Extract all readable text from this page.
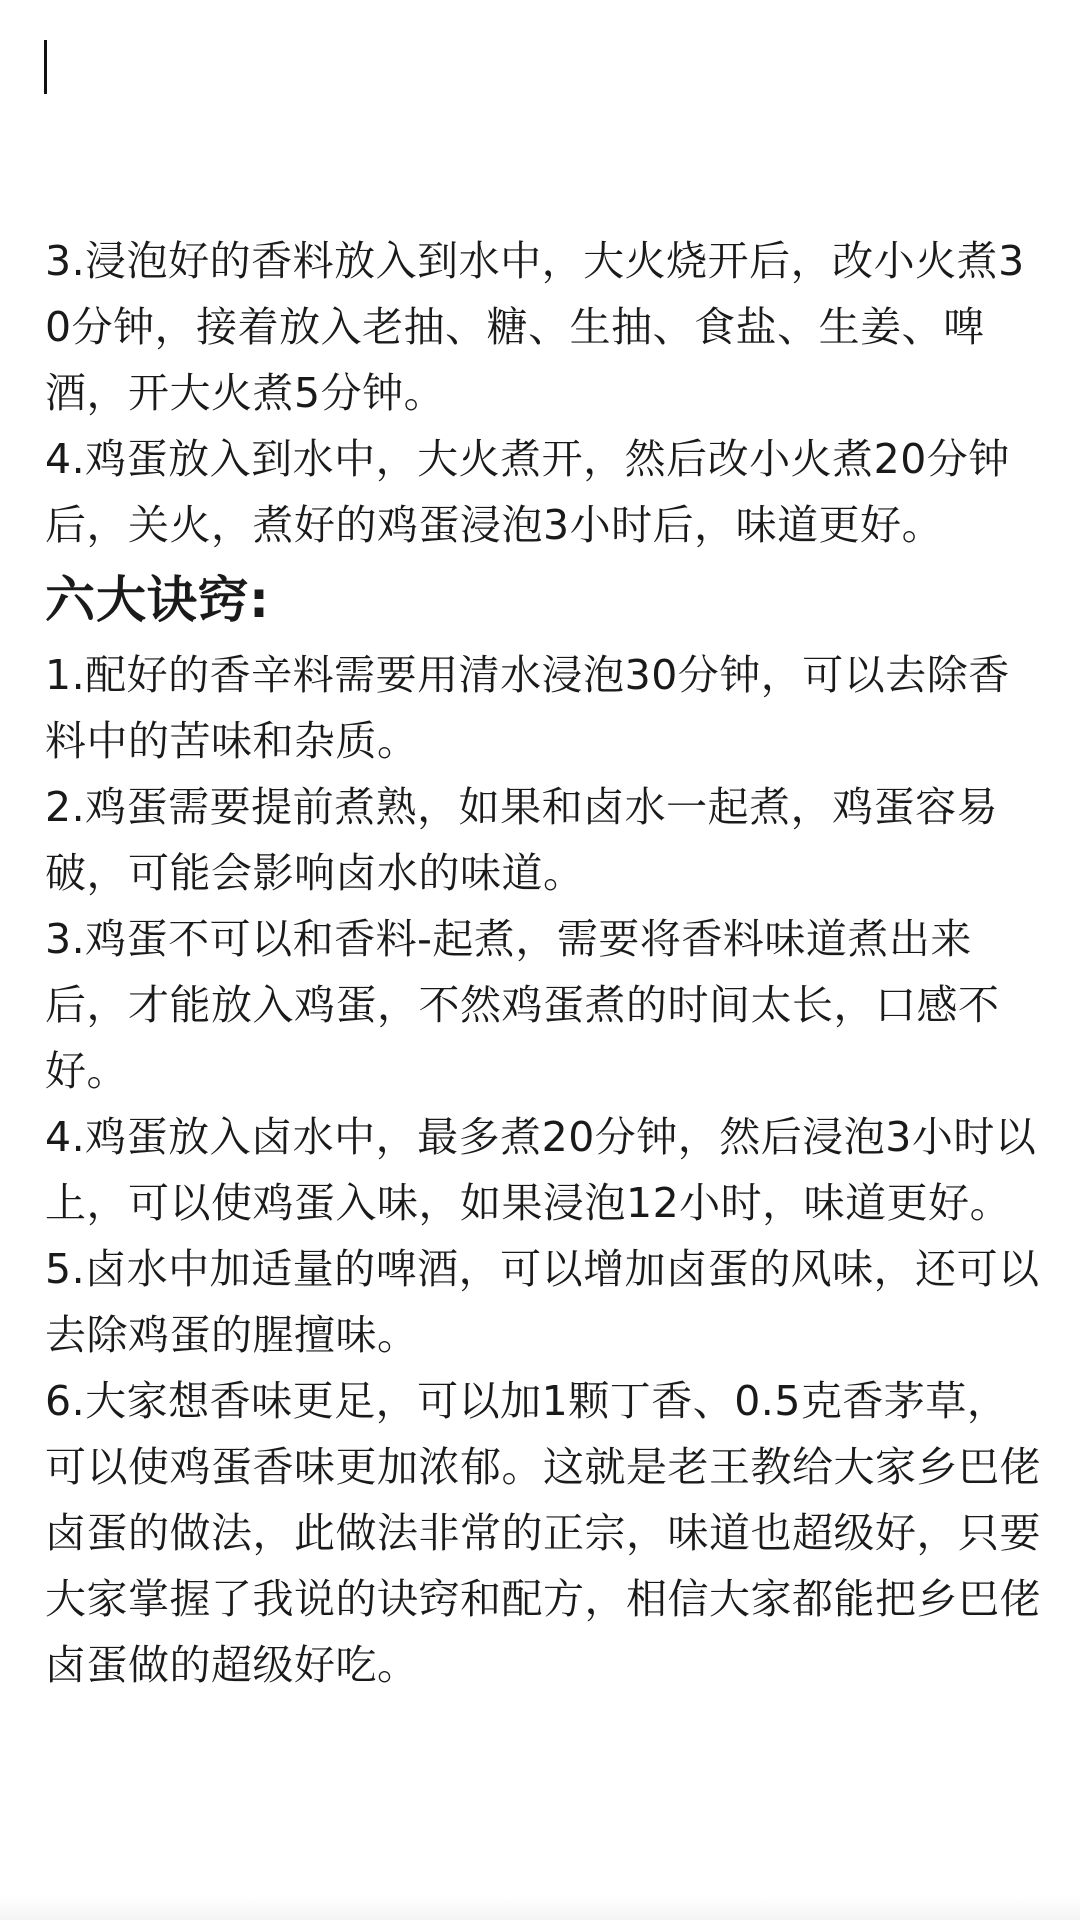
3.浸泡好的香料放入到水中，大火烧开后，改小火煮30分钟，接着放入老抽、糖、生抽、食盐、生姜、啤酒，开大火煮5分钟。

4.鸡蛋放入到水中，大火煮开，然后改小火煮20分钟后，关火，煮好的鸡蛋浸泡3小时后，味道更好。

六大诀窍:

1.配好的香辛料需要用清水浸泡30分钟，可以去除香料中的苦味和杂质。

2.鸡蛋需要提前煮熟，如果和卤水一起煮，鸡蛋容易破，可能会影响卤水的味道。

3.鸡蛋不可以和香料-起煮，需要将香料味道煮出来后，才能放入鸡蛋，不然鸡蛋煮的时间太长，口感不好。

4.鸡蛋放入卤水中，最多煮20分钟，然后浸泡3小时以上，可以使鸡蛋入味，如果浸泡12小时，味道更好。

5.卤水中加适量的啤酒，可以增加卤蛋的风味，还可以去除鸡蛋的腥擅味。

6.大家想香味更足，可以加1颗丁香、0.5克香茅草，可以使鸡蛋香味更加浓郁。这就是老王教给大家乡巴佬卤蛋的做法，此做法非常的正宗，味道也超级好，只要大家掌握了我说的诀窍和配方，相信大家都能把乡巴佬卤蛋做的超级好吃。
